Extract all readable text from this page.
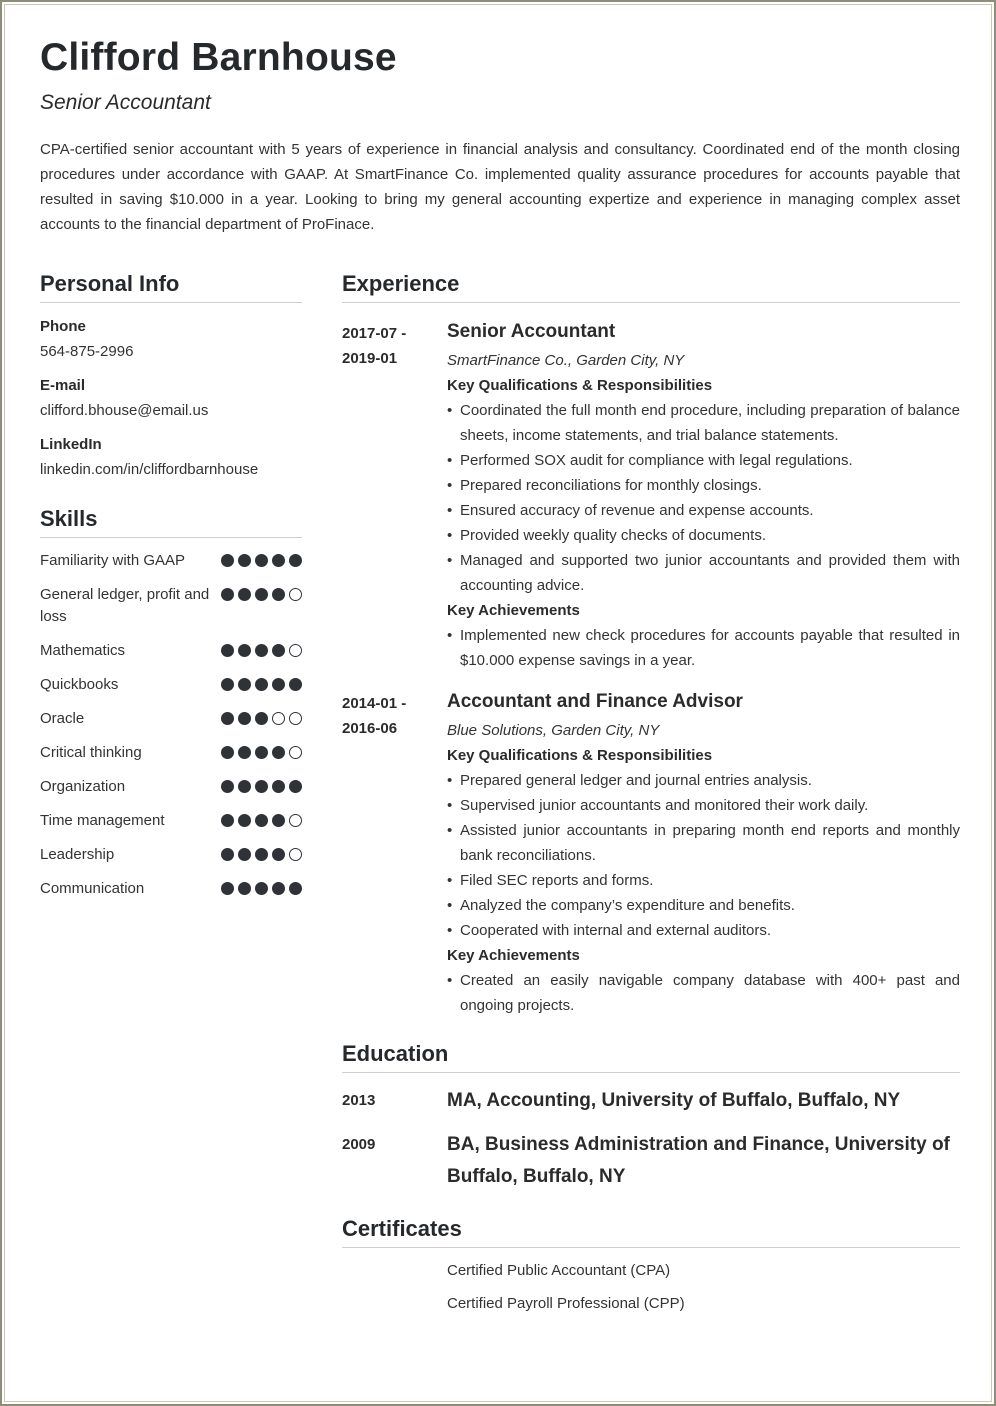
Clifford Barnhouse
Senior Accountant
CPA-certified senior accountant with 5 years of experience in financial analysis and consultancy. Coordinated end of the month closing procedures under accordance with GAAP. At SmartFinance Co. implemented quality assurance procedures for accounts payable that resulted in saving $10.000 in a year. Looking to bring my general accounting expertize and experience in managing complex asset accounts to the financial department of ProFinace.
Personal Info
Phone
564-875-2996
E-mail
clifford.bhouse@email.us
LinkedIn
linkedin.com/in/cliffordbarnhouse
Skills
Familiarity with GAAP
General ledger, profit and loss
Mathematics
Quickbooks
Oracle
Critical thinking
Organization
Time management
Leadership
Communication
Experience
2017-07 -
2019-01
Senior Accountant
SmartFinance Co., Garden City, NY
Key Qualifications & Responsibilities
• Coordinated the full month end procedure, including preparation of balance sheets, income statements, and trial balance statements.
• Performed SOX audit for compliance with legal regulations.
• Prepared reconciliations for monthly closings.
• Ensured accuracy of revenue and expense accounts.
• Provided weekly quality checks of documents.
• Managed and supported two junior accountants and provided them with accounting advice.
Key Achievements
• Implemented new check procedures for accounts payable that resulted in $10.000 expense savings in a year.
2014-01 -
2016-06
Accountant and Finance Advisor
Blue Solutions, Garden City, NY
Key Qualifications & Responsibilities
• Prepared general ledger and journal entries analysis.
• Supervised junior accountants and monitored their work daily.
• Assisted junior accountants in preparing month end reports and monthly bank reconciliations.
• Filed SEC reports and forms.
• Analyzed the company’s expenditure and benefits.
• Cooperated with internal and external auditors.
Key Achievements
• Created an easily navigable company database with 400+ past and ongoing projects.
Education
2013	MA, Accounting, University of Buffalo, Buffalo, NY
2009	BA, Business Administration and Finance, University of Buffalo, Buffalo, NY
Certificates
Certified Public Accountant (CPA)
Certified Payroll Professional (CPP)
